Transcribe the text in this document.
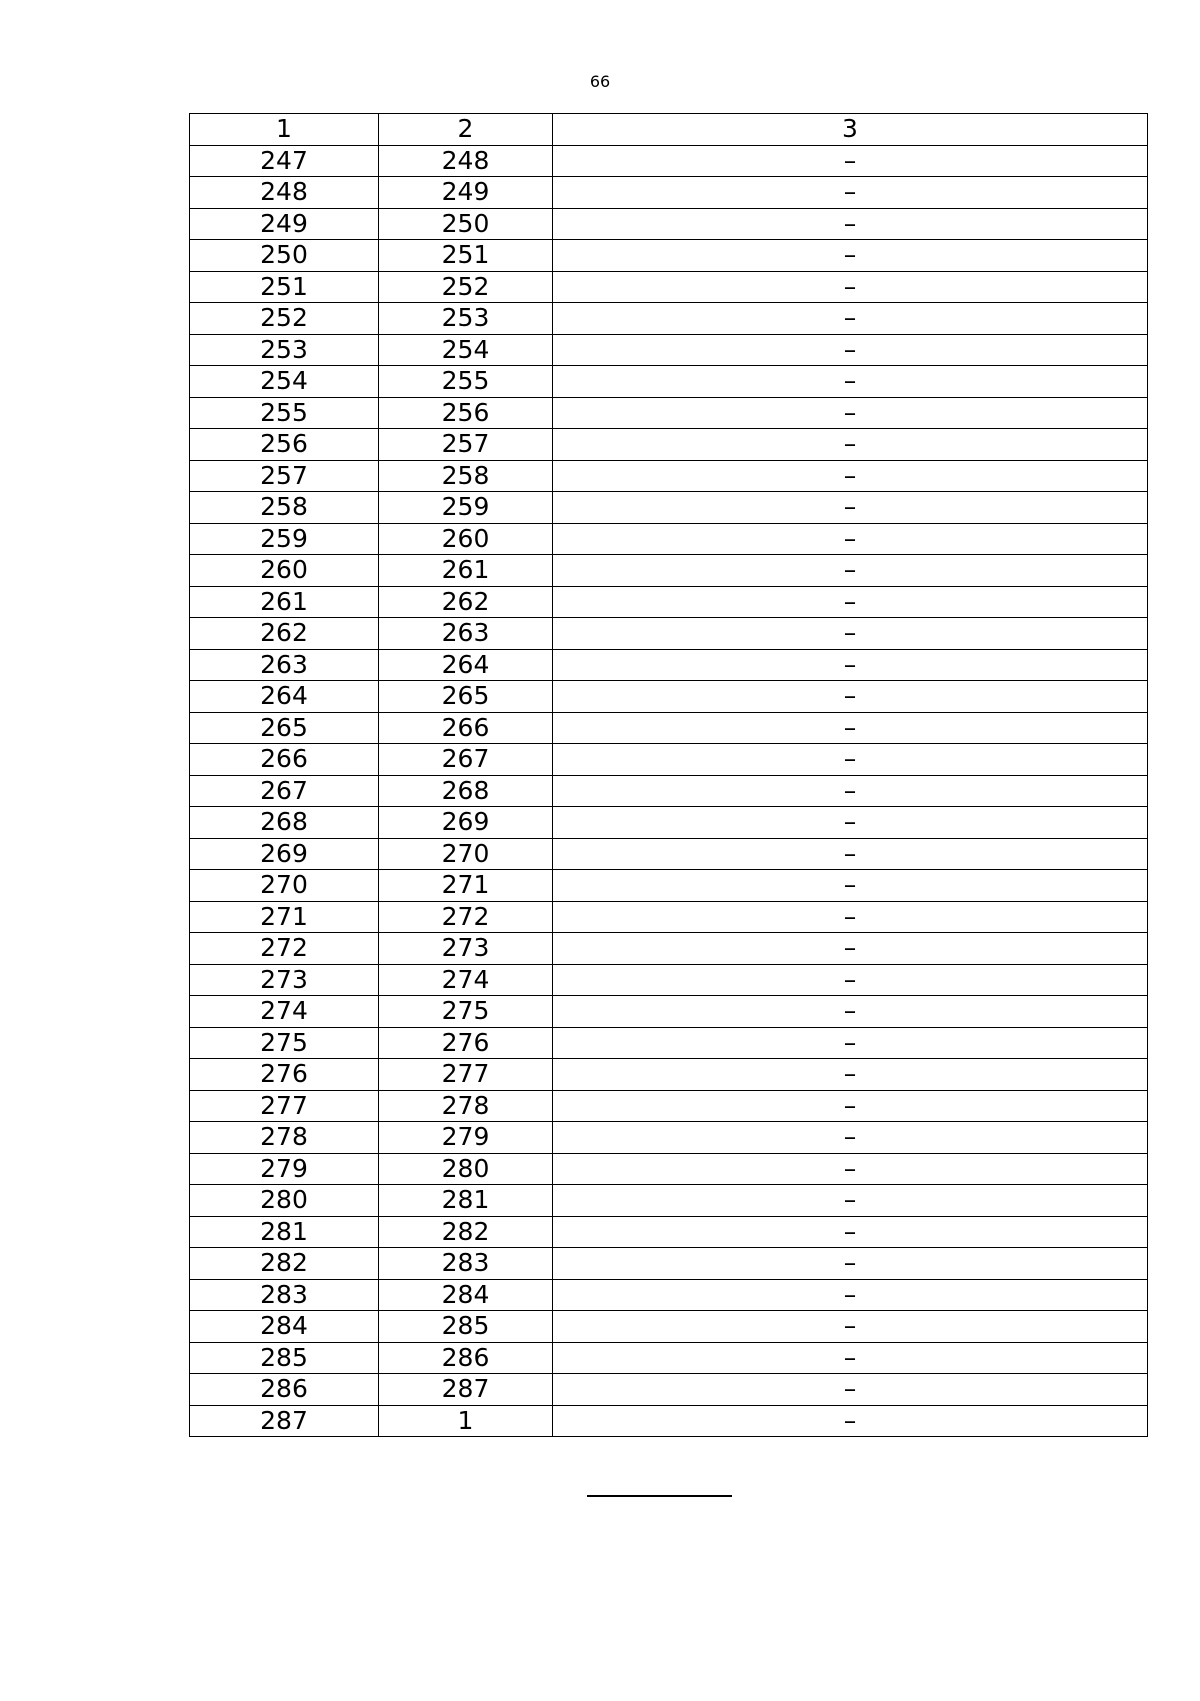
66
1	2	3
247	248	–
248	249	–
249	250	–
250	251	–
251	252	–
252	253	–
253	254	–
254	255	–
255	256	–
256	257	–
257	258	–
258	259	–
259	260	–
260	261	–
261	262	–
262	263	–
263	264	–
264	265	–
265	266	–
266	267	–
267	268	–
268	269	–
269	270	–
270	271	–
271	272	–
272	273	–
273	274	–
274	275	–
275	276	–
276	277	–
277	278	–
278	279	–
279	280	–
280	281	–
281	282	–
282	283	–
283	284	–
284	285	–
285	286	–
286	287	–
287	1	–
